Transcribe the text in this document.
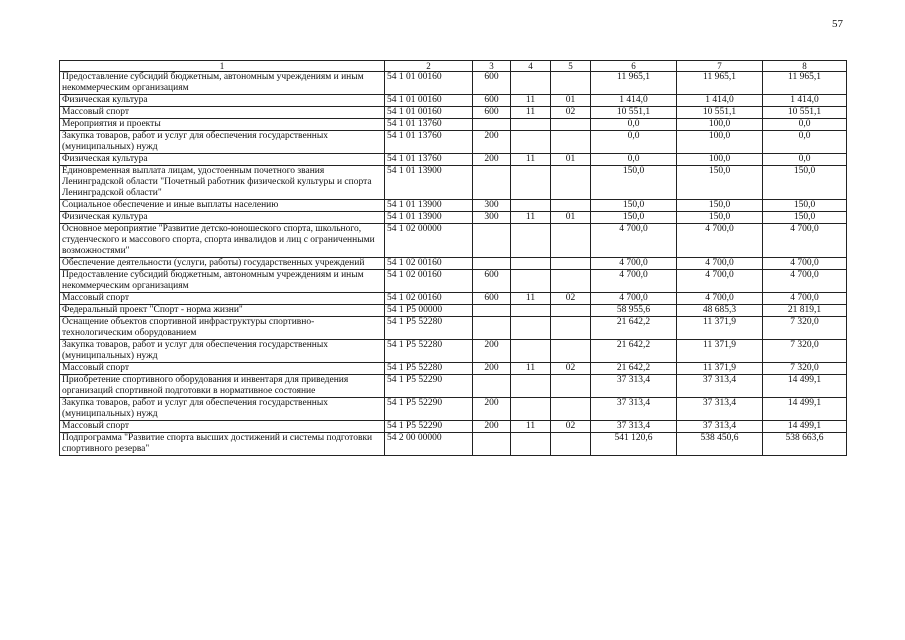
57
1	2	3	4	5	6	7	8
Предоставление субсидий бюджетным, автономным учреждениям и иным некоммерческим организациям	54 1 01 00160	600			11 965,1	11 965,1	11 965,1
Физическая культура	54 1 01 00160	600	11	01	1 414,0	1 414,0	1 414,0
Массовый спорт	54 1 01 00160	600	11	02	10 551,1	10 551,1	10 551,1
Мероприятия и проекты	54 1 01 13760				0,0	100,0	0,0
Закупка товаров, работ и услуг для обеспечения государственных (муниципальных) нужд	54 1 01 13760	200			0,0	100,0	0,0
Физическая культура	54 1 01 13760	200	11	01	0,0	100,0	0,0
Единовременная выплата лицам, удостоенным почетного звания Ленинградской области "Почетный работник физической культуры и спорта Ленинградской области"	54 1 01 13900				150,0	150,0	150,0
Социальное обеспечение и иные выплаты населению	54 1 01 13900	300			150,0	150,0	150,0
Физическая культура	54 1 01 13900	300	11	01	150,0	150,0	150,0
Основное мероприятие "Развитие детско-юношеского спорта, школьного, студенческого и массового спорта, спорта инвалидов и лиц с ограниченными возможностями"	54 1 02 00000				4 700,0	4 700,0	4 700,0
Обеспечение деятельности (услуги, работы) государственных учреждений	54 1 02 00160				4 700,0	4 700,0	4 700,0
Предоставление субсидий бюджетным, автономным учреждениям и иным некоммерческим организациям	54 1 02 00160	600			4 700,0	4 700,0	4 700,0
Массовый спорт	54 1 02 00160	600	11	02	4 700,0	4 700,0	4 700,0
Федеральный проект "Спорт - норма жизни"	54 1 P5 00000				58 955,6	48 685,3	21 819,1
Оснащение объектов спортивной инфраструктуры спортивно-технологическим оборудованием	54 1 P5 52280				21 642,2	11 371,9	7 320,0
Закупка товаров, работ и услуг для обеспечения государственных (муниципальных) нужд	54 1 P5 52280	200			21 642,2	11 371,9	7 320,0
Массовый спорт	54 1 P5 52280	200	11	02	21 642,2	11 371,9	7 320,0
Приобретение спортивного оборудования и инвентаря для приведения организаций спортивной подготовки в нормативное состояние	54 1 P5 52290				37 313,4	37 313,4	14 499,1
Закупка товаров, работ и услуг для обеспечения государственных (муниципальных) нужд	54 1 P5 52290	200			37 313,4	37 313,4	14 499,1
Массовый спорт	54 1 P5 52290	200	11	02	37 313,4	37 313,4	14 499,1
Подпрограмма "Развитие спорта высших достижений и системы подготовки спортивного резерва"	54 2 00 00000				541 120,6	538 450,6	538 663,6
